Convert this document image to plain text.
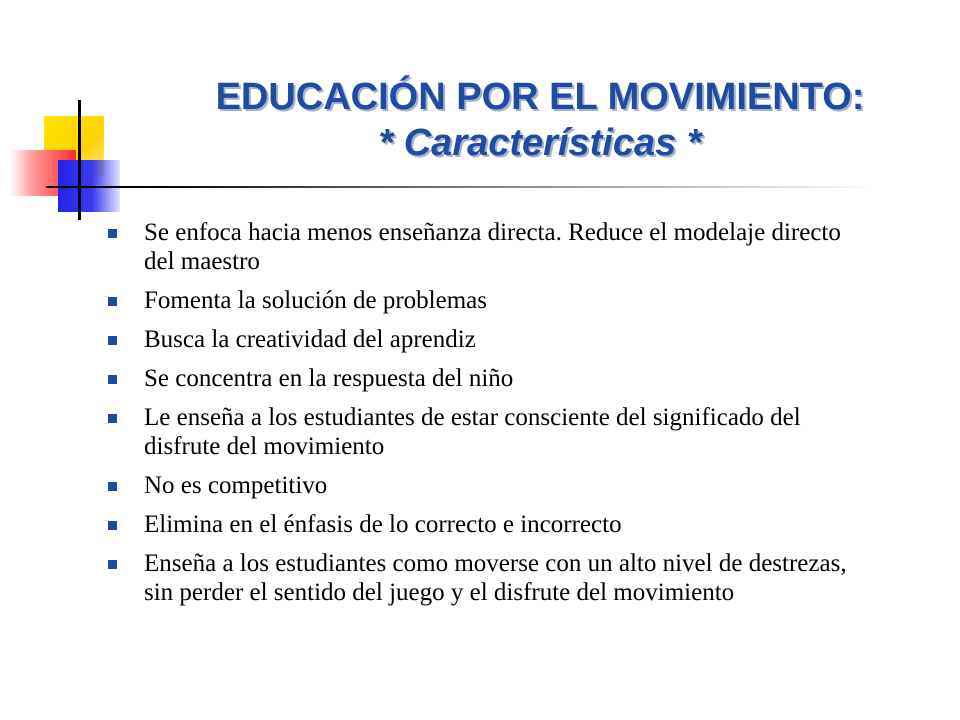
EDUCACIÓN POR EL MOVIMIENTO:
* Características *
Se enfoca hacia menos enseñanza directa. Reduce el modelaje directo del maestro
Fomenta la solución de problemas
Busca la creatividad del aprendiz
Se concentra en la respuesta del niño
Le enseña a los estudiantes de estar consciente del significado del disfrute del movimiento
No es competitivo
Elimina en el énfasis de lo correcto e incorrecto
Enseña a los estudiantes como moverse con un alto nivel de destrezas, sin perder el sentido del juego y el disfrute del movimiento
